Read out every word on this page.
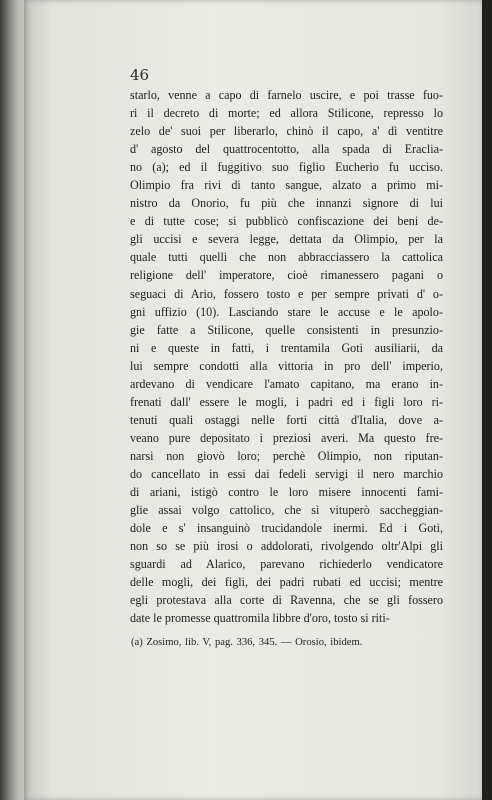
46
starlo, venne a capo di farnelo uscire, e poi trasse fuo-
ri il decreto di morte; ed allora Stilicone, represso lo
zelo de' suoi per liberarlo, chinò il capo, a' dì ventitre
d' agosto del quattrocentotto, alla spada di Eraclia-
no (a); ed il fuggitivo suo figlio Eucherio fu ucciso.
Olimpio fra rivi di tanto sangue, alzato a primo mi-
nistro da Onorio, fu più che innanzi signore di lui
e di tutte cose; si pubblicò confiscazione dei beni de-
gli uccisi e severa legge, dettata da Olimpio, per la
quale tutti quelli che non abbracciassero la cattolica
religione dell' imperatore, cioè rimanessero pagani o
seguaci di Ario, fossero tosto e per sempre privati d' o-
gni uffizio (10). Lasciando stare le accuse e le apolo-
gie fatte a Stilicone, quelle consistenti in presunzio-
ni e queste in fatti, i trentamila Goti ausiliarii, da
lui sempre condotti alla vittoria in pro dell' imperio,
ardevano di vendicare l'amato capitano, ma erano in-
frenati dall' essere le mogli, i padri ed i figli loro ri-
tenuti quali ostaggi nelle forti città d'Italia, dove a-
veano pure depositato i preziosi averi. Ma questo fre-
narsi non giovò loro; perchè Olimpio, non riputan-
do cancellato in essi dai fedeli servigi il nero marchio
di ariani, istigò contro le loro misere innocenti fami-
glie assai volgo cattolico, che sì vituperò saccheggian-
dole e s' insanguinò trucidandole inermi. Ed i Goti,
non so se più irosi o addolorati, rivolgendo oltr'Alpi gli
sguardi ad Alarico, parevano richiederlo vendicatore
delle mogli, dei figli, dei padri rubati ed uccisi; mentre
egli protestava alla corte di Ravenna, che se gli fossero
date le promesse quattromila libbre d'oro, tosto si riti-
(a) Zosimo, lib. V, pag. 336, 345. — Orosio, ibidem.
